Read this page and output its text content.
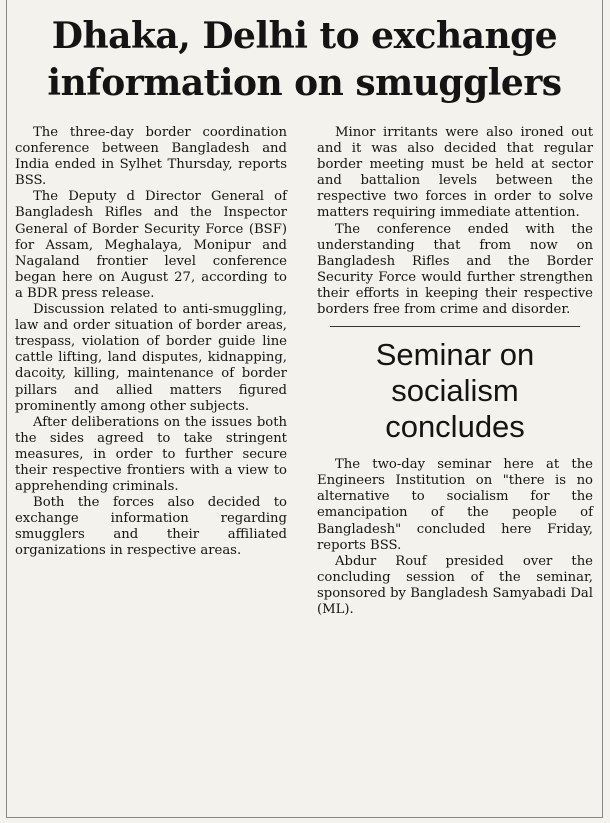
Dhaka, Delhi to exchange
information on smugglers

The three-day border coordination conference between Bangladesh and India ended in Sylhet Thursday, reports BSS.

The Deputy d Director General of Bangladesh Rifles and the Inspector General of Border Security Force (BSF) for Assam, Meghalaya, Monipur and Nagaland frontier level conference began here on August 27, according to a BDR press release.

Discussion related to anti-smuggling, law and order situation of border areas, trespass, violation of border guide line cattle lifting, land disputes, kidnapping, dacoity, killing, maintenance of border pillars and allied matters figured prominently among other subjects.

After deliberations on the issues both the sides agreed to take stringent measures, in order to further secure their respective frontiers with a view to apprehending criminals.

Both the forces also decided to exchange information regarding smugglers and their affiliated organizations in respective areas.

Minor irritants were also ironed out and it was also decided that regular border meeting must be held at sector and battalion levels between the respective two forces in order to solve matters requiring immediate attention.

The conference ended with the understanding that from now on Bangladesh Rifles and the Border Security Force would further strengthen their efforts in keeping their respective borders free from crime and disorder.

Seminar on
socialism
concludes

The two-day seminar here at the Engineers Institution on "there is no alternative to socialism for the emancipation of the people of Bangladesh" concluded here Friday, reports BSS.

Abdur Rouf presided over the concluding session of the seminar, sponsored by Bangladesh Samyabadi Dal (ML).
